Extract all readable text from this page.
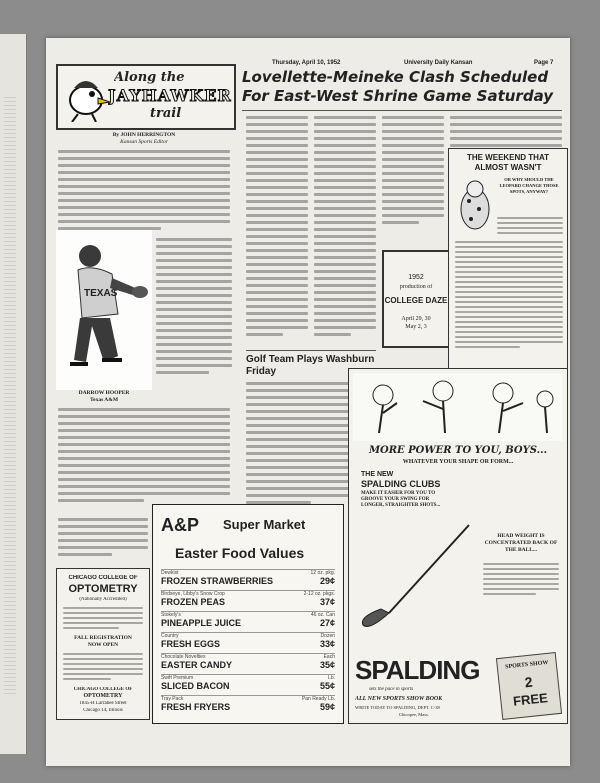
Thursday, April 10, 1952	University Daily Kansan	Page 7
Along the
JAYHAWKER
trail
Lovellette-Meineke Clash Scheduled For East-West Shrine Game Saturday
By JOHN HERRINGTON
Kansan Sports Editor
TEXAS
DARROW HOOPER
Texas A&M
CHICAGO COLLEGE OF
OPTOMETRY
(Nationally Accredited)
FALL REGISTRATION
NOW OPEN
CHICAGO COLLEGE OF
OPTOMETRY
1845-H Larrabee Street
Chicago 14, Illinois
Golf Team Plays Washburn Friday
1952
production of
COLLEGE DAZE
April 29, 30
May 2, 3
THE WEEKEND THAT
ALMOST WASN'T
OR WHY SHOULD THE LEOPARD CHANGE THOSE SPOTS, ANYWAY?
A&P Super Market
Easter Food Values
Dewkist
FROZEN STRAWBERRIES
12 oz. pkg.
29¢
Birdseye, Libby's Snow Crop
FROZEN PEAS
2-12 oz. pkgs.
37¢
Stokely's
PINEAPPLE JUICE
46 oz. Can
27¢
Country
FRESH EGGS
Dozen
33¢
Chocolate Novelties
EASTER CANDY
Each
35¢
Swift Premium
SLICED BACON
Lb.
55¢
Tray Pack
FRESH FRYERS
Pan Ready Lb.
59¢
MORE POWER TO YOU, BOYS...
WHATEVER YOUR SHAPE OR FORM...
THE NEW
SPALDING CLUBS
MAKE IT EASIER FOR YOU TO GROOVE YOUR SWING FOR LONGER, STRAIGHTER SHOTS...
HEAD WEIGHT IS CONCENTRATED BACK OF THE BALL...
SPALDING
sets the pace in sports
ALL NEW SPORTS SHOW BOOK
WRITE TODAY TO SPALDING, DEPT. C-38
Chicopee, Mass.
SPORTS SHOW
2
FREE
